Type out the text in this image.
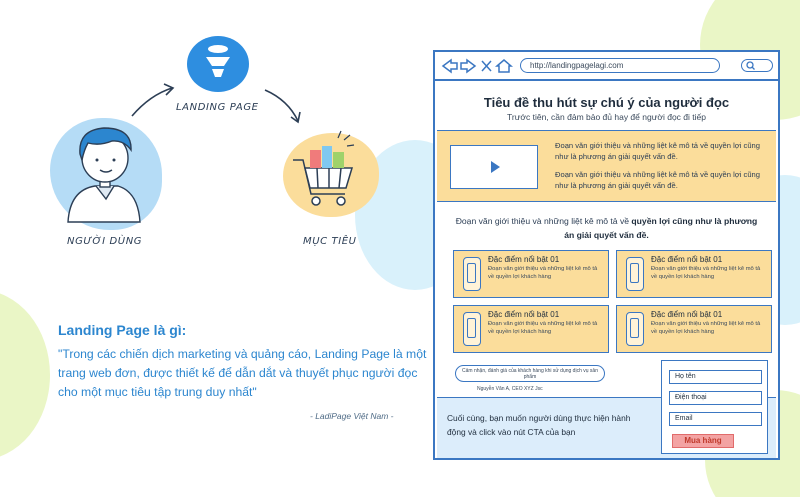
LANDING PAGE
NGƯỜI DÙNG	MỤC TIÊU
Landing Page là gì:
"Trong các chiến dịch marketing và quảng cáo, Landing Page là một trang web đơn, được thiết kế để dẫn dắt và thuyết phục người đọc cho một mục tiêu tập trung duy nhất"
- LadiPage Việt Nam -
http://landingpagelagi.com
Tiêu đề thu hút sự chú ý của người đọc
Trước tiên, cần đảm bảo đủ hay để người đọc đi tiếp
Đoạn văn giới thiệu và những liệt kê mô tả về quyền lợi cũng như là phương án giải quyết vấn đề.
Đoạn văn giới thiệu và những liệt kê mô tả về quyền lợi cũng như là phương án giải quyết vấn đề.
Đoạn văn giới thiệu và những liệt kê mô tả về quyền lợi cũng như là phương án giải quyết vấn đề.
Đặc điểm nổi bật 01
Đoạn văn giới thiệu và những liệt kê mô tả về quyền lợi khách hàng
Đặc điểm nổi bật 01
Đoạn văn giới thiệu và những liệt kê mô tả về quyền lợi khách hàng
Đặc điểm nổi bật 01
Đoạn văn giới thiệu và những liệt kê mô tả về quyền lợi khách hàng
Đặc điểm nổi bật 01
Đoạn văn giới thiệu và những liệt kê mô tả về quyền lợi khách hàng
Cảm nhận, đánh giá của khách hàng khi sử dụng dịch vụ sản phẩm
Nguyễn Văn A, CEO XYZ Jsc
Cuối cùng, bạn muốn người dùng thực hiện hành động và click vào nút CTA của bạn
Họ tên
Điện thoại
Email
Mua hàng
